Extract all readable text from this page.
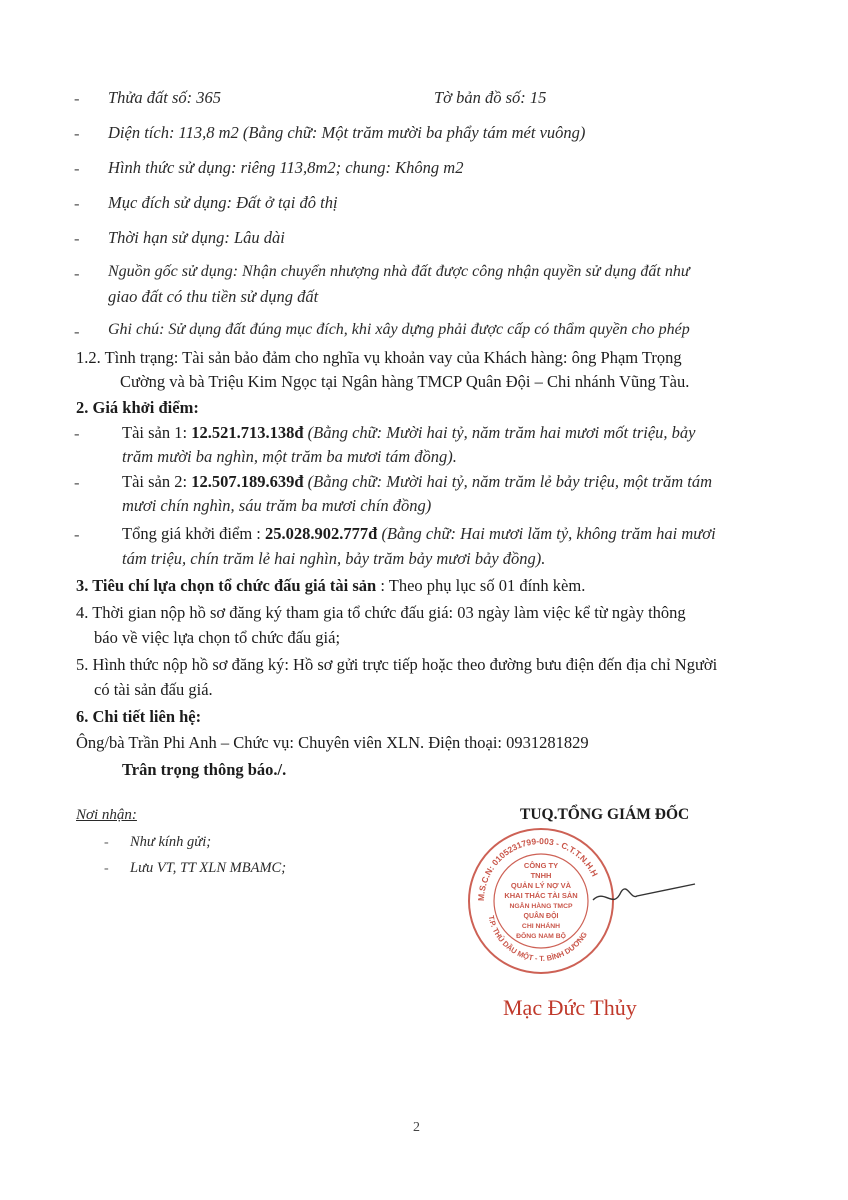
- Thửa đất số: 365	Tờ bản đồ số: 15
- Diện tích: 113,8 m2 (Bằng chữ: Một trăm mười ba phẩy tám mét vuông)
- Hình thức sử dụng: riêng 113,8m2; chung: Không m2
- Mục đích sử dụng: Đất ở tại đô thị
- Thời hạn sử dụng: Lâu dài
- Nguồn gốc sử dụng: Nhận chuyển nhượng nhà đất được công nhận quyền sử dụng đất như
giao đất có thu tiền sử dụng đất
- Ghi chú: Sử dụng đất đúng mục đích, khi xây dựng phải được cấp có thẩm quyền cho phép
1.2. Tình trạng: Tài sản bảo đảm cho nghĩa vụ khoản vay của Khách hàng: ông Phạm Trọng
Cường và bà Triệu Kim Ngọc tại Ngân hàng TMCP Quân Đội – Chi nhánh Vũng Tàu.
2. Giá khởi điểm:
-	Tài sản 1: 12.521.713.138đ (Bằng chữ: Mười hai tỷ, năm trăm hai mươi mốt triệu, bảy
trăm mười ba nghìn, một trăm ba mươi tám đồng).
-	Tài sản 2: 12.507.189.639đ (Bằng chữ: Mười hai tỷ, năm trăm lẻ bảy triệu, một trăm tám
mươi chín nghìn, sáu trăm ba mươi chín đồng)
-	Tổng giá khởi điểm : 25.028.902.777đ (Bằng chữ: Hai mươi lăm tỷ, không trăm hai mươi
tám triệu, chín trăm lẻ hai nghìn, bảy trăm bảy mươi bảy đồng).
3. Tiêu chí lựa chọn tổ chức đấu giá tài sản : Theo phụ lục số 01 đính kèm.
4. Thời gian nộp hồ sơ đăng ký tham gia tổ chức đấu giá: 03 ngày làm việc kể từ ngày thông
báo về việc lựa chọn tổ chức đấu giá;
5. Hình thức nộp hồ sơ đăng ký: Hồ sơ gửi trực tiếp hoặc theo đường bưu điện đến địa chỉ Người
có tài sản đấu giá.
6. Chi tiết liên hệ:
Ông/bà Trần Phi Anh – Chức vụ: Chuyên viên XLN. Điện thoại: 0931281829
Trân trọng thông báo./.
Nơi nhận:
- Như kính gửi;
- Lưu VT, TT XLN MBAMC;
TUQ.TỔNG GIÁM ĐỐC
M.S.C.N: 0105231799-003 - C.T.T.N.H.H
T.P. THỦ DẦU MỘT - T. BÌNH DƯƠNG
CÔNG TY
TNHH
QUẢN LÝ NỢ VÀ
KHAI THÁC TÀI SẢN
NGÂN HÀNG TMCP
QUÂN ĐỘI
CHI NHÁNH
ĐÔNG NAM BỘ
Mạc Đức Thủy
2
